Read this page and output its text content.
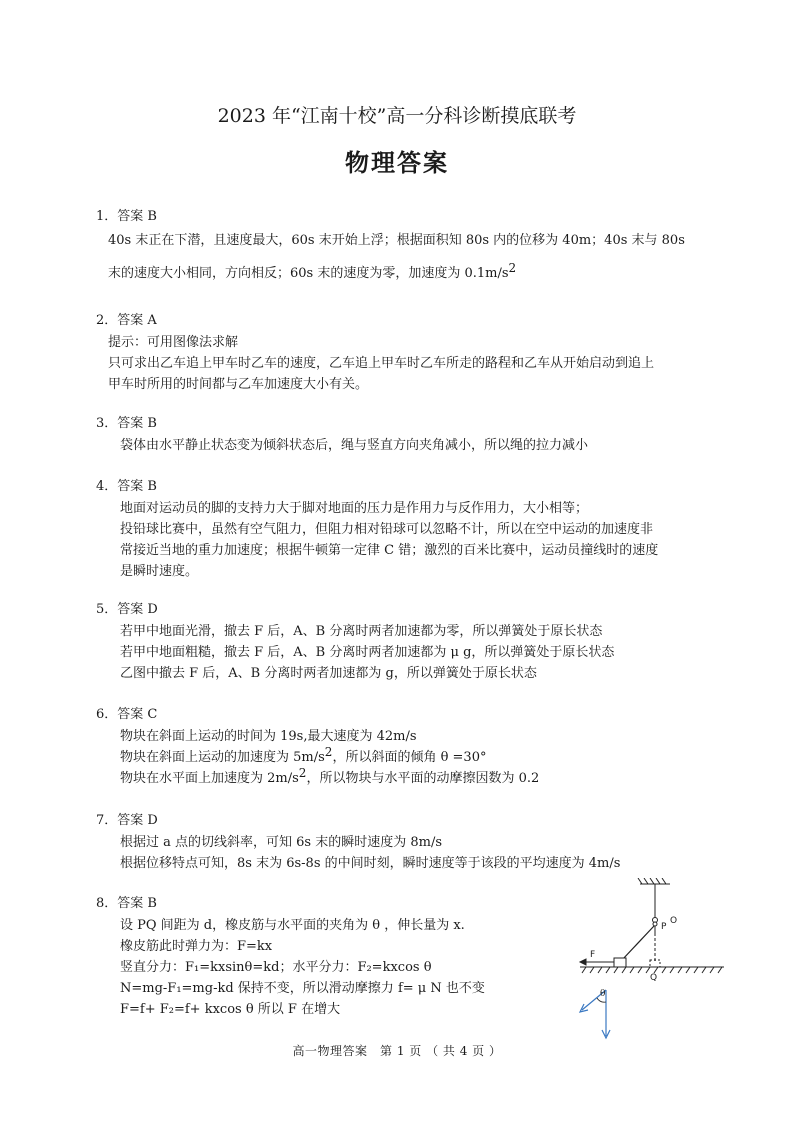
2023 年“江南十校”高一分科诊断摸底联考
物理答案
1．答案 B
40s 末正在下潜，且速度最大，60s 末开始上浮；根据面积知 80s 内的位移为 40m；40s 末与 80s
末的速度大小相同，方向相反；60s 末的速度为零，加速度为 $0.1m/s^2$
2．答案 A
提示：可用图像法求解
只可求出乙车追上甲车时乙车的速度，乙车追上甲车时乙车所走的路程和乙车从开始启动到追上
甲车时所用的时间都与乙车加速度大小有关。
3．答案 B
袋体由水平静止状态变为倾斜状态后，绳与竖直方向夹角减小，所以绳的拉力减小
4．答案 B
地面对运动员的脚的支持力大于脚对地面的压力是作用力与反作用力，大小相等；
投铅球比赛中，虽然有空气阻力，但阻力相对铅球可以忽略不计，所以在空中运动的加速度非
常接近当地的重力加速度；根据牛顿第一定律 C 错；激烈的百米比赛中，运动员撞线时的速度
是瞬时速度。
5．答案 D
若甲中地面光滑，撤去 F 后，A、B 分离时两者加速都为零，所以弹簧处于原长状态
若甲中地面粗糙，撤去 F 后，A、B 分离时两者加速都为 μ g，所以弹簧处于原长状态
乙图中撤去 F 后，A、B 分离时两者加速都为 g，所以弹簧处于原长状态
6．答案 C
物块在斜面上运动的时间为 19s,最大速度为 42m/s
物块在斜面上运动的加速度为 $5m/s^2$，所以斜面的倾角 θ =30°
物块在水平面上加速度为 $2m/s^2$，所以物块与水平面的动摩擦因数为 0.2
7．答案 D
根据过 a 点的切线斜率，可知 6s 末的瞬时速度为 8m/s
根据位移特点可知，8s 末为 6s-8s 的中间时刻，瞬时速度等于该段的平均速度为 4m/s
8．答案 B
设 PQ 间距为 d，橡皮筋与水平面的夹角为 θ ，伸长量为 x.
橡皮筋此时弹力为：F=kx
竖直分力：F₁=kxsinθ=kd；水平分力：F₂=kxcos θ
N=mg-F₁=mg-kd 保持不变，所以滑动摩擦力 f= μ N 也不变
F=f+ F₂=f+ kxcos θ 所以 F 在增大
O
P
Q
F
θ
高一物理答案　第 1 页 （ 共 4 页 ）
